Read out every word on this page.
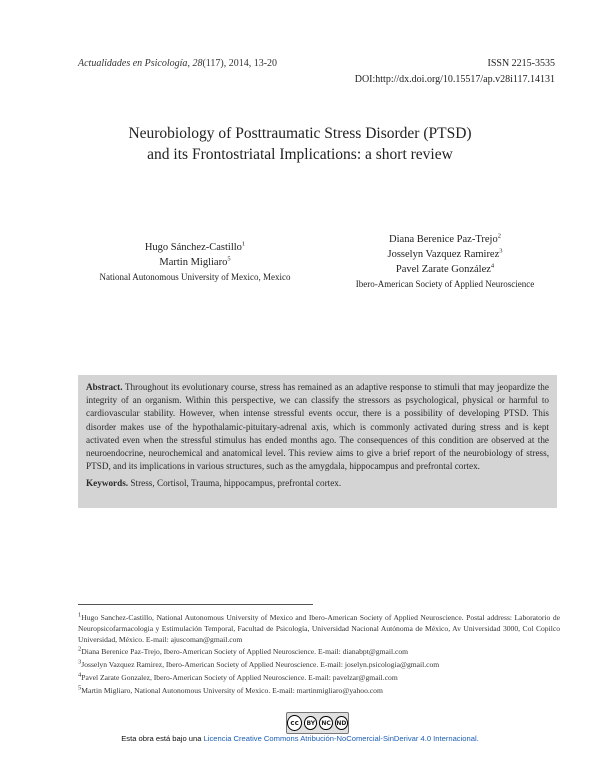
Actualidades en Psicología, 28(117), 2014, 13-20	ISSN 2215-3535
DOI:http://dx.doi.org/10.15517/ap.v28i117.14131
Neurobiology of Posttraumatic Stress Disorder (PTSD)
and its Frontostriatal Implications: a short review
Hugo Sánchez-Castillo$^1$
Martin Migliaro$^5$
National Autonomous University of Mexico, Mexico
Diana Berenice Paz-Trejo$^2$
Josselyn Vazquez Ramirez$^3$
Pavel Zarate González$^4$
Ibero-American Society of Applied Neuroscience

Abstract. Throughout its evolutionary course, stress has remained as an adaptive response to stimuli that may jeopardize the integrity of an organism. Within this perspective, we can classify the stressors as psychological, physical or harmful to cardiovascular stability. However, when intense stressful events occur, there is a possibility of developing PTSD. This disorder makes use of the hypothalamic-pituitary-adrenal axis, which is commonly activated during stress and is kept activated even when the stressful stimulus has ended months ago. The consequences of this condition are observed at the neuroendocrine, neurochemical and anatomical level. This review aims to give a brief report of the neurobiology of stress, PTSD, and its implications in various structures, such as the amygdala, hippocampus and prefrontal cortex.

Keywords. Stress, Cortisol, Trauma, hippocampus, prefrontal cortex.

$^1$Hugo Sanchez-Castillo, National Autonomous University of Mexico and Ibero-American Society of Applied Neuroscience. Postal address: Laboratorio de Neuropsicofarmacologia y Estimulación Temporal, Facultad de Psicología, Universidad Nacional Autónoma de México, Av Universidad 3000, Col Copilco Universidad, México. E-mail: ajuscoman@gmail.com
$^2$Diana Berenice Paz-Trejo, Ibero-American Society of Applied Neuroscience. E-mail: dianabpt@gmail.com
$^3$Josselyn Vazquez Ramirez, Ibero-American Society of Applied Neuroscience. E-mail: joselyn.psicologia@gmail.com
$^4$Pavel Zarate Gonzalez, Ibero-American Society of Applied Neuroscience. E-mail: pavelzar@gmail.com
$^5$Martin Migliaro, National Autonomous University of Mexico. E-mail: martinmigliaro@yahoo.com
cc	BY	NC ND
Esta obra está bajo una Licencia Creative Commons Atribución-NoComercial-SinDerivar 4.0 Internacional.
